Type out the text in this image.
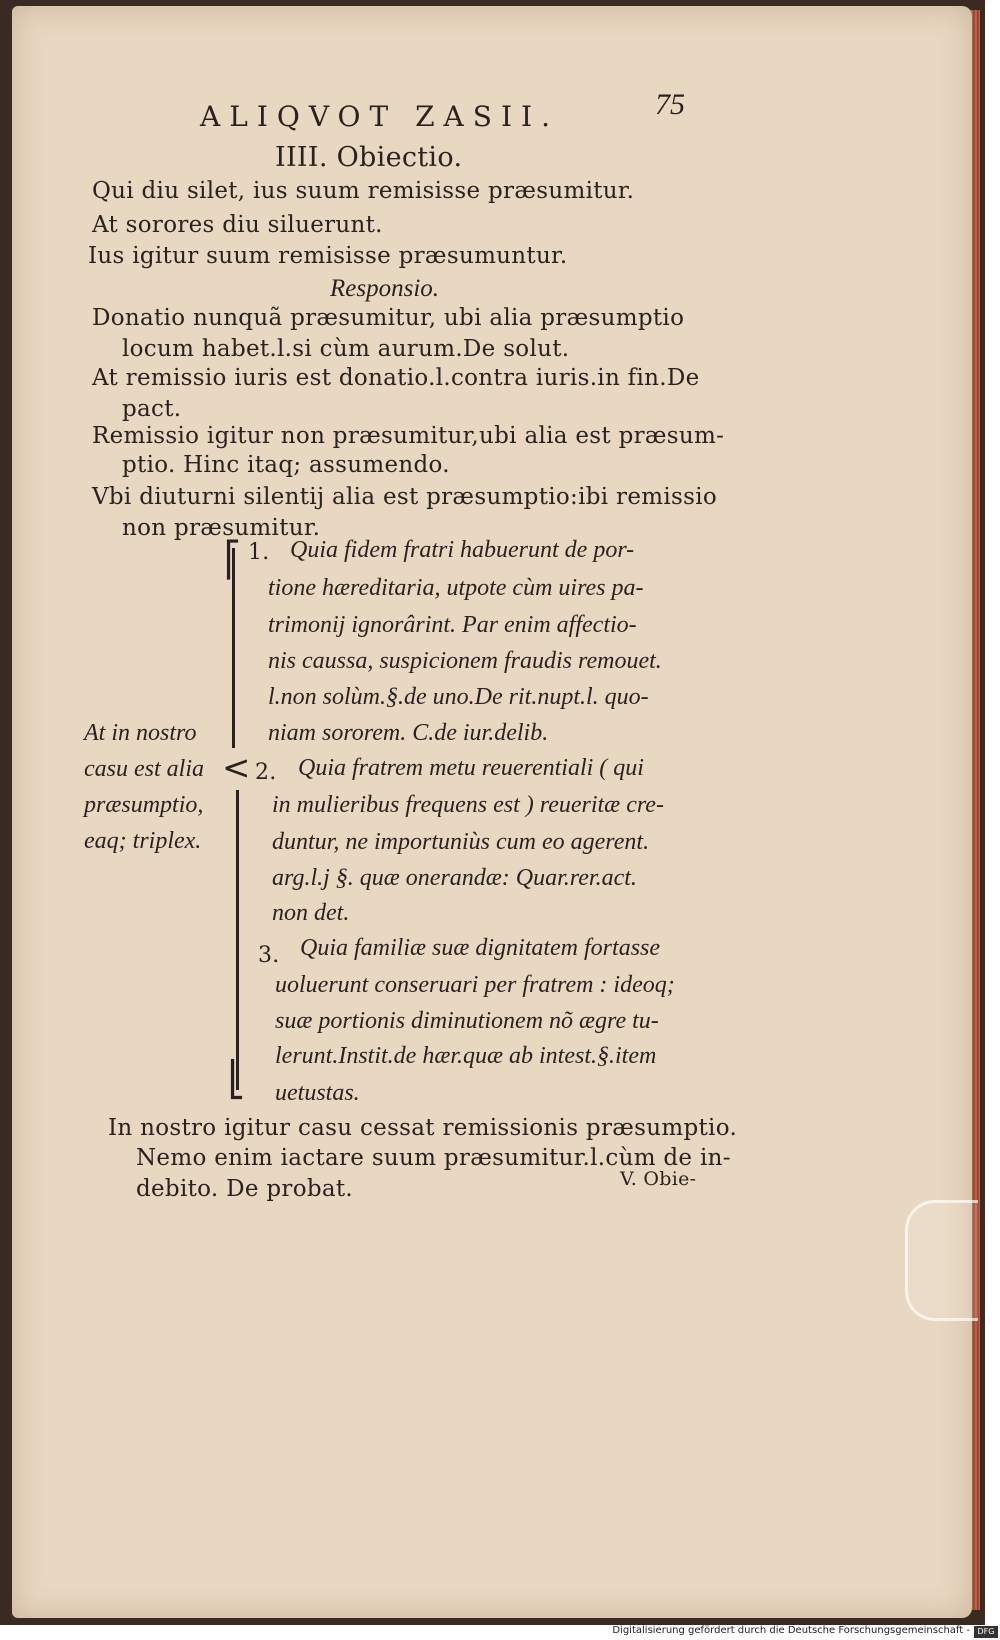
ALIQVOT ZASII.	75
IIII. Obiectio.
Qui diu silet, ius suum remisisse præsumitur.
At sorores diu siluerunt.
Ius igitur suum remisisse præsumuntur.
Responsio.
Donatio nunquã præsumitur, ubi alia præsumptio
locum habet.l.si cùm aurum.De solut.
At remissio iuris est donatio.l.contra iuris.in fin.De
pact.
Remissio igitur non præsumitur,ubi alia est præsum-
ptio. Hinc itaq; assumendo.
Vbi diuturni silentij alia est præsumptio:ibi remissio
non præsumitur.
At in nostro
casu est alia
præsumptio,
eaq; triplex.
⎡
<
⎣
1. Quia fidem fratri habuerunt de por-
tione hæreditaria, utpote cùm uires pa-
trimonij ignorârint. Par enim affectio-
nis caussa, suspicionem fraudis remouet.
l.non solùm.§.de uno.De rit.nupt.l. quo-
niam sororem. C.de iur.delib.
2. Quia fratrem metu reuerentiali ( qui
in mulieribus frequens est ) reueritæ cre-
duntur, ne importuniùs cum eo agerent.
arg.l.j §. quæ onerandæ: Quar.rer.act.
non det.
3. Quia familiæ suæ dignitatem fortasse
uoluerunt conseruari per fratrem : ideoq;
suæ portionis diminutionem nõ ægre tu-
lerunt.Instit.de hær.quæ ab intest.§.item
uetustas.
In nostro igitur casu cessat remissionis præsumptio.
Nemo enim iactare suum præsumitur.l.cùm de in-
debito. De probat.	V. Obie-
Digitalisierung gefördert durch die Deutsche Forschungsgemeinschaft - DFG
